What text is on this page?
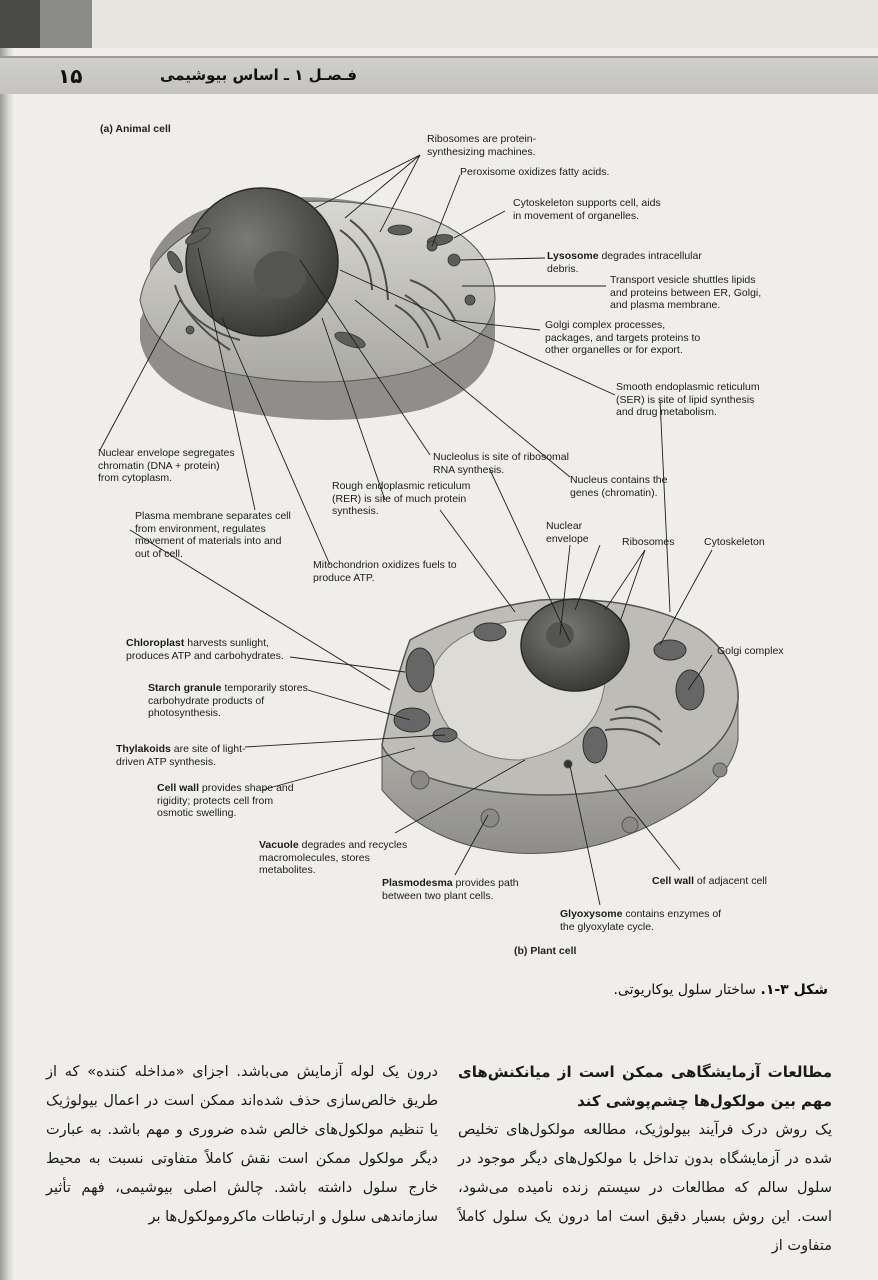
۱۵	فـصـل ۱ ـ اساس بیوشیمی
(a) Animal cell
Ribosomes are protein-
synthesizing machines.
Peroxisome oxidizes fatty acids.
Cytoskeleton supports cell, aids
in movement of organelles.
Lysosome degrades intracellular
debris.
Transport vesicle shuttles lipids
and proteins between ER, Golgi,
and plasma membrane.
Golgi complex processes,
packages, and targets proteins to
other organelles or for export.
Smooth endoplasmic reticulum
(SER) is site of lipid synthesis
and drug metabolism.
Nuclear envelope segregates
chromatin (DNA + protein)
from cytoplasm.
Nucleolus is site of ribosomal
RNA synthesis.
Rough endoplasmic reticulum
(RER) is site of much protein
synthesis.
Nucleus contains the
genes (chromatin).
Plasma membrane separates cell
from environment, regulates
movement of materials into and
out of cell.
Mitochondrion oxidizes fuels to
produce ATP.
Nuclear
envelope	Ribosomes	Cytoskeleton
Golgi complex
Chloroplast harvests sunlight,
produces ATP and carbohydrates.
Starch granule temporarily stores
carbohydrate products of
photosynthesis.
Thylakoids are site of light-
driven ATP synthesis.
Cell wall provides shape and
rigidity; protects cell from
osmotic swelling.
Vacuole degrades and recycles
macromolecules, stores
metabolites.
Plasmodesma provides path
between two plant cells.
Cell wall of adjacent cell
Glyoxysome contains enzymes of
the glyoxylate cycle.
(b) Plant cell
شکل ۳-۱. ساختار سلول یوکاریوتی.

مطالعات آزمایشگاهی ممکن است از میانکنش‌های مهم بین مولکول‌ها چشم‌پوشی کند

یک روش درک فرآیند بیولوژیک، مطالعه مولکول‌های تخلیص شده در آزمایشگاه بدون تداخل با مولکول‌های دیگر موجود در سلول سالم که مطالعات در سیستم زنده نامیده می‌شود، است. این روش بسیار دقیق است اما درون یک سلول کاملاً متفاوت از

درون یک لوله آزمایش می‌باشد. اجزای «مداخله کننده» که از طریق خالص‌سازی حذف شده‌اند ممکن است در اعمال بیولوژیک یا تنظیم مولکول‌های خالص شده ضروری و مهم باشد. به عبارت دیگر مولکول ممکن است نقش کاملاً متفاوتی نسبت به محیط خارج سلول داشته باشد. چالش اصلی بیوشیمی، فهم تأثیر سازماندهی سلول و ارتباطات ماکرومولکول‌ها بر
